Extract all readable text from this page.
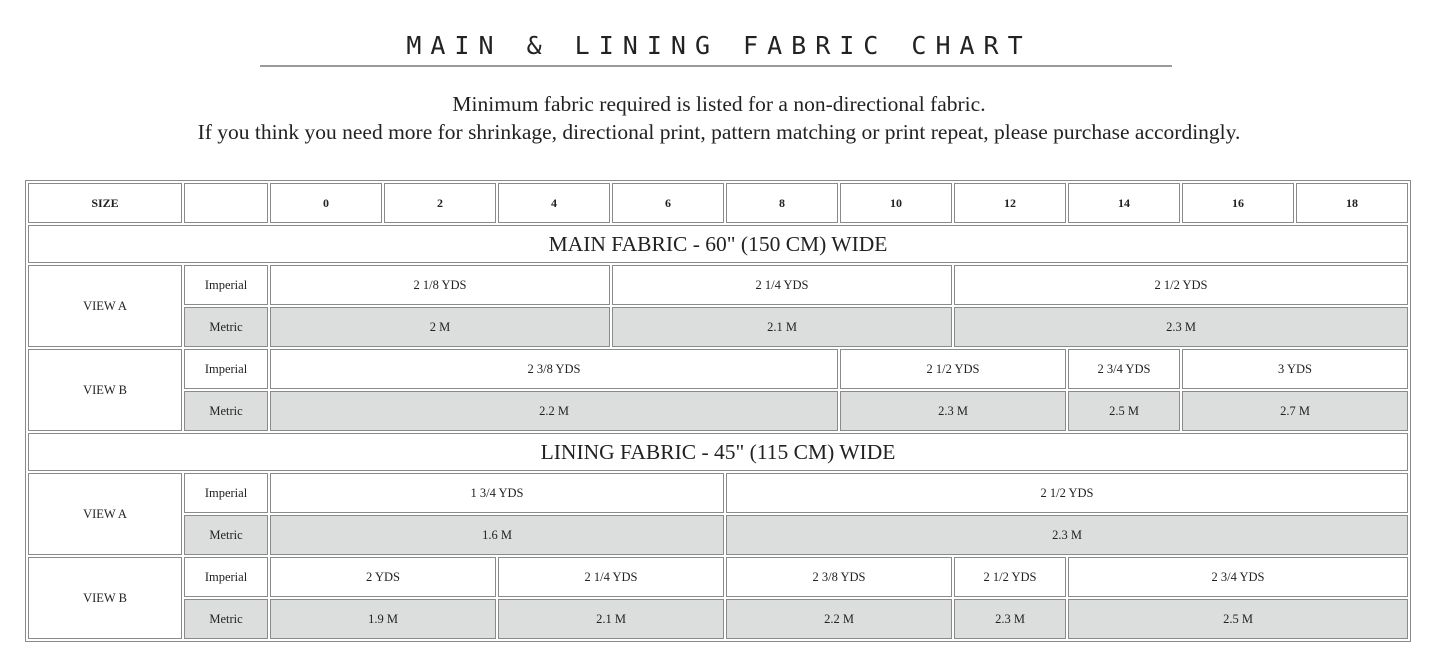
MAIN & LINING FABRIC CHART
Minimum fabric required is listed for a non-directional fabric.
If you think you need more for shrinkage, directional print, pattern matching or print repeat, please purchase accordingly.
SIZE		0	2	4	6	8	10	12	14	16	18
MAIN FABRIC - 60" (150 CM) WIDE											
VIEW A	Imperial	2 1/8 YDS			2 1/4 YDS			2 1/2 YDS			
	Metric	2 M			2.1 M			2.3 M			
VIEW B	Imperial	2 3/8 YDS					2 1/2 YDS		2 3/4 YDS	3 YDS	
	Metric	2.2 M					2.3 M		2.5 M	2.7 M	
LINING FABRIC - 45" (115 CM) WIDE											
VIEW A	Imperial	1 3/4 YDS				2 1/2 YDS					
	Metric	1.6 M				2.3 M					
VIEW B	Imperial	2 YDS		2 1/4 YDS		2 3/8 YDS		2 1/2 YDS	2 3/4 YDS		
	Metric	1.9 M		2.1 M		2.2 M		2.3 M	2.5 M		
